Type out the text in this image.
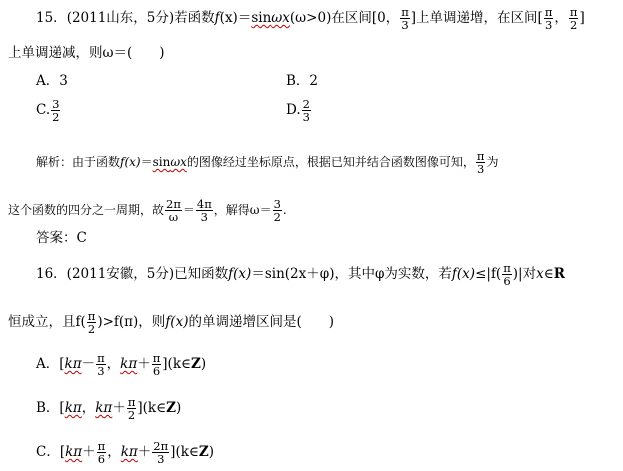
15．(2011山东，5分)若函数f(x)＝sinωx(ω>0)在区间[0， $\frac{\pi}{3}$ ]上单调递增，在区间[ $\frac{\pi}{3}$ ， $\frac{\pi}{2}$ ]
上单调递减，则ω＝(　　)
A．3	B．2
C. $\frac{3}{2}$	D. $\frac{2}{3}$
解析：由于函数f(x)＝sinωx的图像经过坐标原点，根据已知并结合函数图像可知， $\frac{\pi}{3}$ 为
这个函数的四分之一周期，故 $\frac{2\pi}{\omega} = \frac{4\pi}{3}$ ，解得$\omega= \frac{3}{2}$ .
答案：C
16．(2011安徽，5分)已知函数f(x)＝sin(2x＋φ)，其中φ为实数，若$f(x)\le|f( \frac{\pi}{6}$ )|对x∈R
恒成立，且$f( \frac{\pi}{2} )>f(\pi)$，则f(x)的单调递增区间是(　　)
A．[$k\pi- \frac{\pi}{3}$ ，$k\pi+ \frac{\pi}{6}$ ](k∈Z)
B．[kπ，$k\pi+ \frac{\pi}{2}$ ](k∈Z)
C．[$k\pi+ \frac{\pi}{6}$ ，$k\pi+ \frac{2\pi}{3}$ ](k∈Z)
